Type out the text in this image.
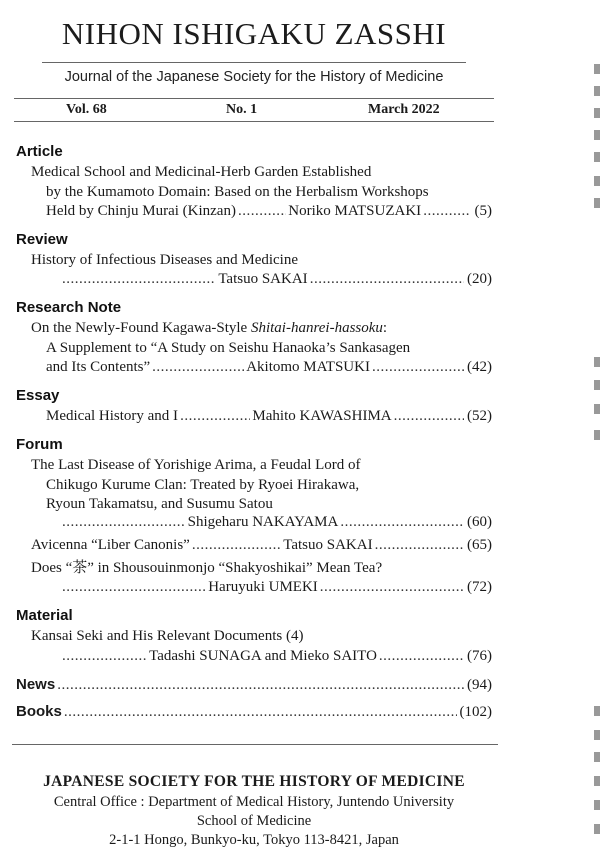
NIHON ISHIGAKU ZASSHI
Journal of the Japanese Society for the History of Medicine
Vol. 68	No. 1	March 2022
Article
Medical School and Medicinal-Herb Garden Established
by the Kumamoto Domain: Based on the Herbalism Workshops
Held by Chinju Murai (Kinzan) .....	Noriko MATSUZAKI .....	(5)
Review
History of Infectious Diseases and Medicine
.....
Tatsuo SAKAI .....	(20)
Research Note
On the Newly-Found Kagawa-Style Shitai-hanrei-hassoku:
A Supplement to “A Study on Seishu Hanaoka’s Sankasagen
and Its Contents” .....	Akitomo MATSUKI .....	(42)
Essay
Medical History and I .....	Mahito KAWASHIMA .....	(52)
Forum
The Last Disease of Yorishige Arima, a Feudal Lord of
Chikugo Kurume Clan: Treated by Ryoei Hirakawa,
Ryoun Takamatsu, and Susumu Satou
.....
Shigeharu NAKAYAMA .....	(60)
Avicenna “Liber Canonis” .....	Tatsuo SAKAI .....	(65)
Does “茶” in Shousouinmonjo “Shakyoshikai” Mean Tea?
.....
Haruyuki UMEKI .....	(72)
Material
Kansai Seki and His Relevant Documents (4)
.....
Tadashi SUNAGA and Mieko SAITO .....	(76)
News .....	(94)
Books .....	(102)
JAPANESE SOCIETY FOR THE HISTORY OF MEDICINE
Central Office : Department of Medical History, Juntendo University
School of Medicine
2-1-1 Hongo, Bunkyo-ku, Tokyo 113-8421, Japan
